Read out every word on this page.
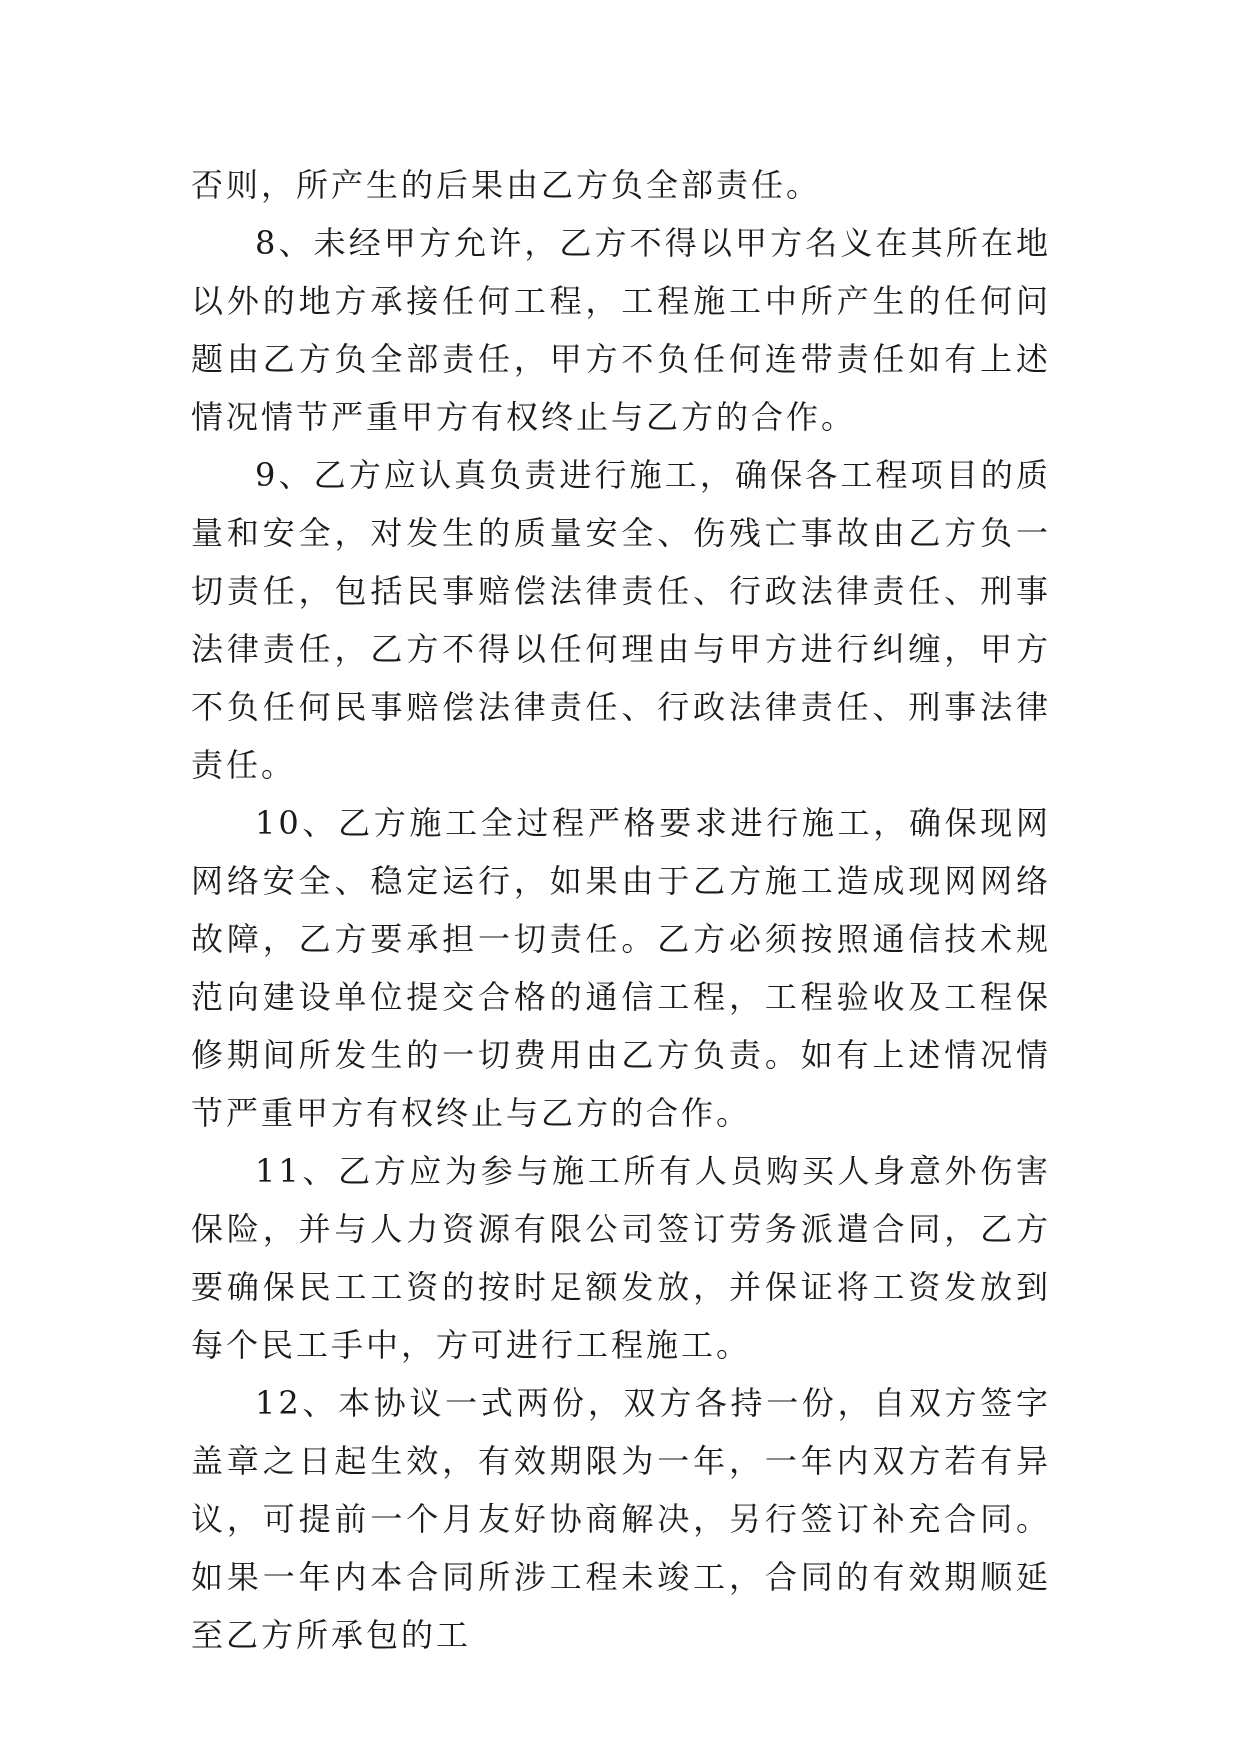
否则，所产生的后果由乙方负全部责任。

8、未经甲方允许，乙方不得以甲方名义在其所在地以外的地方承接任何工程，工程施工中所产生的任何问题由乙方负全部责任，甲方不负任何连带责任如有上述情况情节严重甲方有权终止与乙方的合作。

9、乙方应认真负责进行施工，确保各工程项目的质量和安全，对发生的质量安全、伤残亡事故由乙方负一切责任，包括民事赔偿法律责任、行政法律责任、刑事法律责任，乙方不得以任何理由与甲方进行纠缠，甲方不负任何民事赔偿法律责任、行政法律责任、刑事法律责任。

10、乙方施工全过程严格要求进行施工，确保现网网络安全、稳定运行，如果由于乙方施工造成现网网络故障，乙方要承担一切责任。乙方必须按照通信技术规范向建设单位提交合格的通信工程，工程验收及工程保修期间所发生的一切费用由乙方负责。如有上述情况情节严重甲方有权终止与乙方的合作。

11、乙方应为参与施工所有人员购买人身意外伤害保险，并与人力资源有限公司签订劳务派遣合同，乙方要确保民工工资的按时足额发放，并保证将工资发放到每个民工手中，方可进行工程施工。

12、本协议一式两份，双方各持一份，自双方签字盖章之日起生效，有效期限为一年，一年内双方若有异议，可提前一个月友好协商解决，另行签订补充合同。如果一年内本合同所涉工程未竣工，合同的有效期顺延至乙方所承包的工
